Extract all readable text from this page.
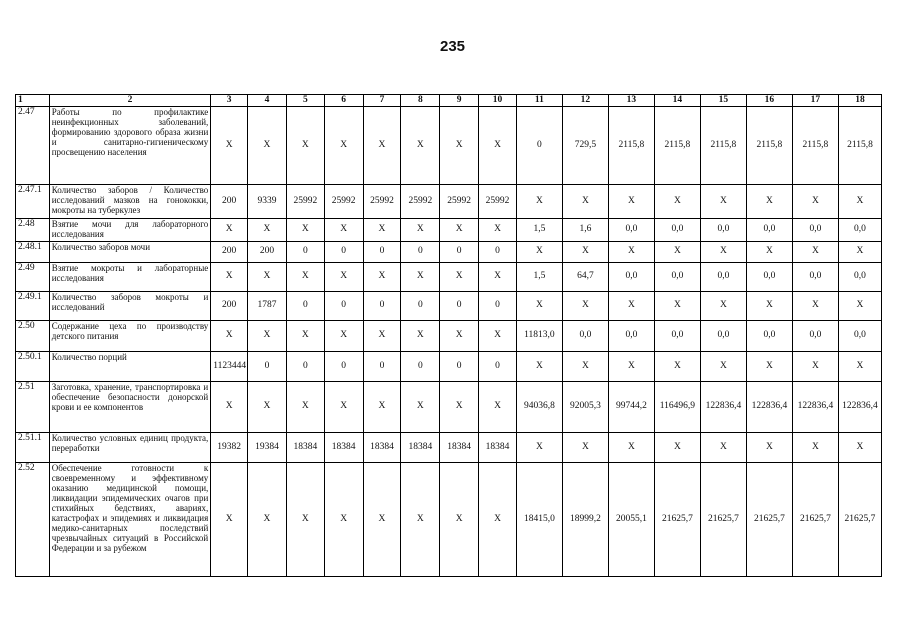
235
1	2	3	4	5	6	7	8	9	10	11	12	13	14	15	16	17	18
2.47	Работы по профилактике неинфекционных заболеваний, формированию здорового образа жизни и санитарно-гигиеническому просвещению населения	X	X	X	X	X	X	X	X	0	729,5	2115,8	2115,8	2115,8	2115,8	2115,8	2115,8
2.47.1	Количество заборов / Количество исследований мазков на гонококки, мокроты на туберкулез	200	9339	25992	25992	25992	25992	25992	25992	X	X	X	X	X	X	X	X
2.48	Взятие мочи для лабораторного исследования	X	X	X	X	X	X	X	X	1,5	1,6	0,0	0,0	0,0	0,0	0,0	0,0
2.48.1	Количество заборов мочи	200	200	0	0	0	0	0	0	X	X	X	X	X	X	X	X
2.49	Взятие мокроты и лабораторные исследования	X	X	X	X	X	X	X	X	1,5	64,7	0,0	0,0	0,0	0,0	0,0	0,0
2.49.1	Количество заборов мокроты и исследований	200	1787	0	0	0	0	0	0	X	X	X	X	X	X	X	X
2.50	Содержание цеха по производству детского питания	X	X	X	X	X	X	X	X	11813,0	0,0	0,0	0,0	0,0	0,0	0,0	0,0
2.50.1	Количество порций	1123444	0	0	0	0	0	0	0	X	X	X	X	X	X	X	X
2.51	Заготовка, хранение, транспортировка и обеспечение безопасности донорской крови и ее компонентов	X	X	X	X	X	X	X	X	94036,8	92005,3	99744,2	116496,9	122836,4	122836,4	122836,4	122836,4
2.51.1	Количество условных единиц продукта, переработки	19382	19384	18384	18384	18384	18384	18384	18384	X	X	X	X	X	X	X	X
2.52	Обеспечение готовности к своевременному и эффективному оказанию медицинской помощи, ликвидации эпидемических очагов при стихийных бедствиях, авариях, катастрофах и эпидемиях и ликвидация медико-санитарных последствий чрезвычайных ситуаций в Российской Федерации и за рубежом	X	X	X	X	X	X	X	X	18415,0	18999,2	20055,1	21625,7	21625,7	21625,7	21625,7	21625,7
